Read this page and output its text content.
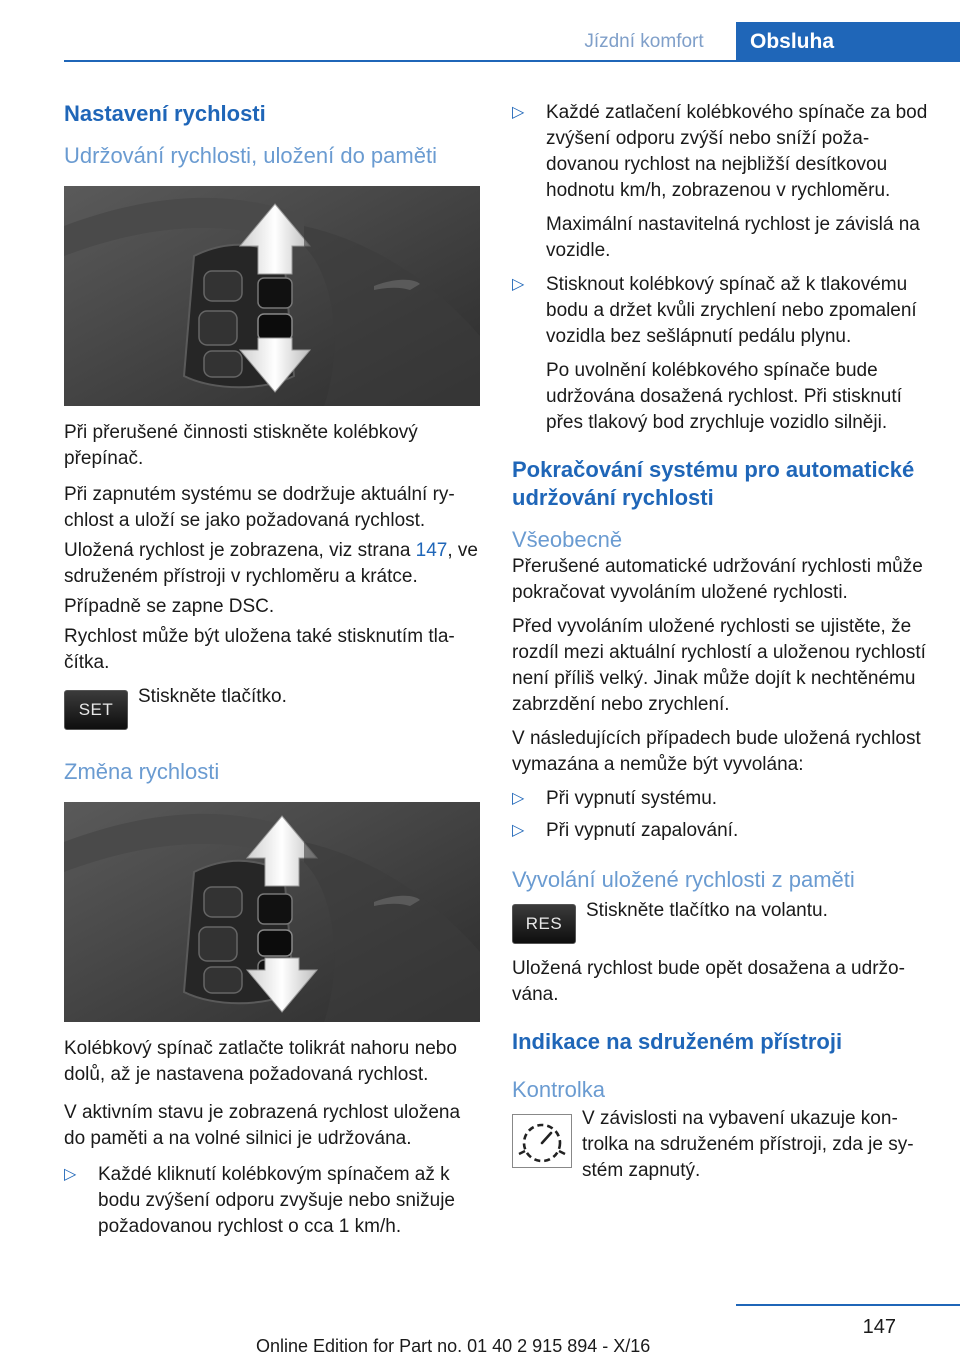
Jízdní komfort	Obsluha
Nastavení rychlosti
Udržování rychlosti, uložení do paměti

Při přerušené činnosti stiskněte kolébkový přepínač.

Při zapnutém systému se dodržuje aktuální rychlost a uloží se jako požadovaná rychlost.

Uložená rychlost je zobrazena, viz strana 147, ve sdruženém přístroji v rychloměru a krátce.

Případně se zapne DSC.

Rychlost může být uložena také stisknutím tlačítka.

SET

Stiskněte tlačítko.

Změna rychlosti

Kolébkový spínač zatlačte tolikrát nahoru nebo dolů, až je nastavena požadovaná rychlost.

V aktivním stavu je zobrazená rychlost uložena do paměti a na volné silnici je udržována.

▷ Každé kliknutí kolébkovým spínačem až k bodu zvýšení odporu zvyšuje nebo snižuje požadovanou rychlost o cca 1 km/h.
▷ Každé zatlačení kolébkového spínače za bod zvýšení odporu zvýší nebo sníží požadovanou rychlost na nejbližší desítkovou hodnotu km/h, zobrazenou v rychloměru.

Maximální nastavitelná rychlost je závislá na vozidle.

▷ Stisknout kolébkový spínač až k tlakovému bodu a držet kvůli zrychlení nebo zpomalení vozidla bez sešlápnutí pedálu plynu.

Po uvolnění kolébkového spínače bude udržována dosažená rychlost. Při stisknutí přes tlakový bod zrychluje vozidlo silněji.

Pokračování systému pro automatické udržování rychlosti
Všeobecně

Přerušené automatické udržování rychlosti může pokračovat vyvoláním uložené rychlosti.

Před vyvoláním uložené rychlosti se ujistěte, že rozdíl mezi aktuální rychlostí a uloženou rychlostí není příliš velký. Jinak může dojít k nechtěnému zabrzdění nebo zrychlení.

V následujících případech bude uložená rychlost vymazána a nemůže být vyvolána:

▷ Při vypnutí systému.
▷ Při vypnutí zapalování.
Vyvolání uložené rychlosti z paměti
RES

Stiskněte tlačítko na volantu.

Uložená rychlost bude opět dosažena a udržována.

Indikace na sdruženém přístroji
Kontrolka

V závislosti na vybavení ukazuje kontrolka na sdruženém přístroji, zda je systém zapnutý.

147
Online Edition for Part no. 01 40 2 915 894 - X/16
